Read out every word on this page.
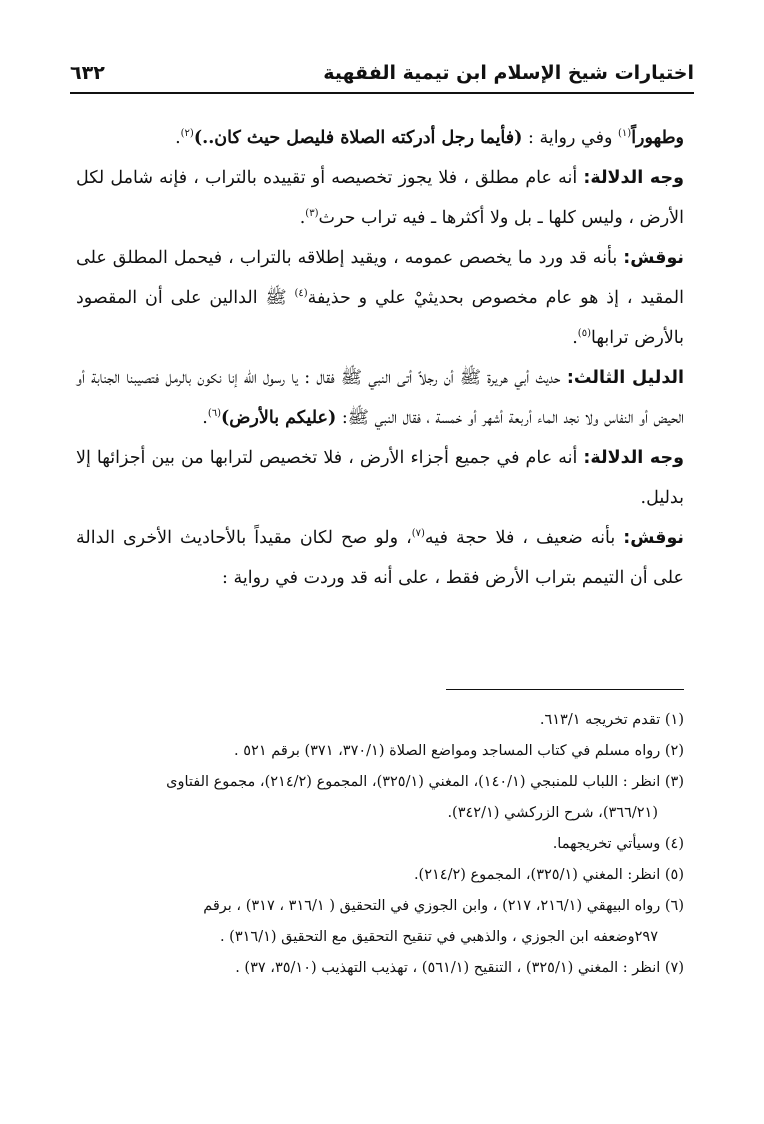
اختيارات شيخ الإسلام ابن تيمية الفقهية
٦٣٢

وطهوراً$^{(١)}$ وفي رواية : (فأيما رجل أدركته الصلاة فليصل حيث كان..)$^{(٢)}$.

وجه الدلالة: أنه عام مطلق ، فلا يجوز تخصيصه أو تقييده بالتراب ، فإنه شامل لكل الأرض ، وليس كلها ـ بل ولا أكثرها ـ فيه تراب حرث$^{(٣)}$.

نوقش: بأنه قد ورد ما يخصص عمومه ، ويقيد إطلاقه بالتراب ، فيحمل المطلق على المقيد ، إذ هو عام مخصوص بحديثيْ علي و حذيفة$^{(٤)}$ ﷺ الدالين على أن المقصود بالأرض ترابها$^{(٥)}$.

الدليل الثالث: حديث أبي هريرة ﷺ أن رجلاً أتى النبي ﷺ فقال : يا رسول الله إنا نكون بالرمل فتصيبنا الجنابة أو الحيض أو النفاس ولا نجد الماء أربعة أشهر أو خمسة ، فقال النبي ﷺ: (عليكم بالأرض)$^{(٦)}$.

وجه الدلالة: أنه عام في جميع أجزاء الأرض ، فلا تخصيص لترابها من بين أجزائها إلا بدليل.

نوقش: بأنه ضعيف ، فلا حجة فيه$^{(٧)}$، ولو صح لكان مقيداً بالأحاديث الأخرى الدالة على أن التيمم بتراب الأرض فقط ، على أنه قد وردت في رواية :

(١) تقدم تخريجه ٦١٣/١.

(٢) رواه مسلم في كتاب المساجد ومواضع الصلاة (٣٧٠/١، ٣٧١) برقم ٥٢١ .

(٣) انظر : اللباب للمنبجي (١٤٠/١)، المغني (٣٢٥/١)، المجموع (٢١٤/٢)، مجموع الفتاوى

(٣٦٦/٢١)، شرح الزركشي (٣٤٢/١).

(٤) وسيأتي تخريجهما.

(٥) انظر: المغني (٣٢٥/١)، المجموع (٢١٤/٢).

(٦) رواه البيهقي (٢١٦/١، ٢١٧) ، وابن الجوزي في التحقيق ( ٣١٦/١ ، ٣١٧) ، برقم

٢٩٧وضعفه ابن الجوزي ، والذهبي في تنقيح التحقيق مع التحقيق (٣١٦/١) .

(٧) انظر : المغني (٣٢٥/١) ، التنقيح (٥٦١/١) ، تهذيب التهذيب (٣٥/١٠، ٣٧) .
